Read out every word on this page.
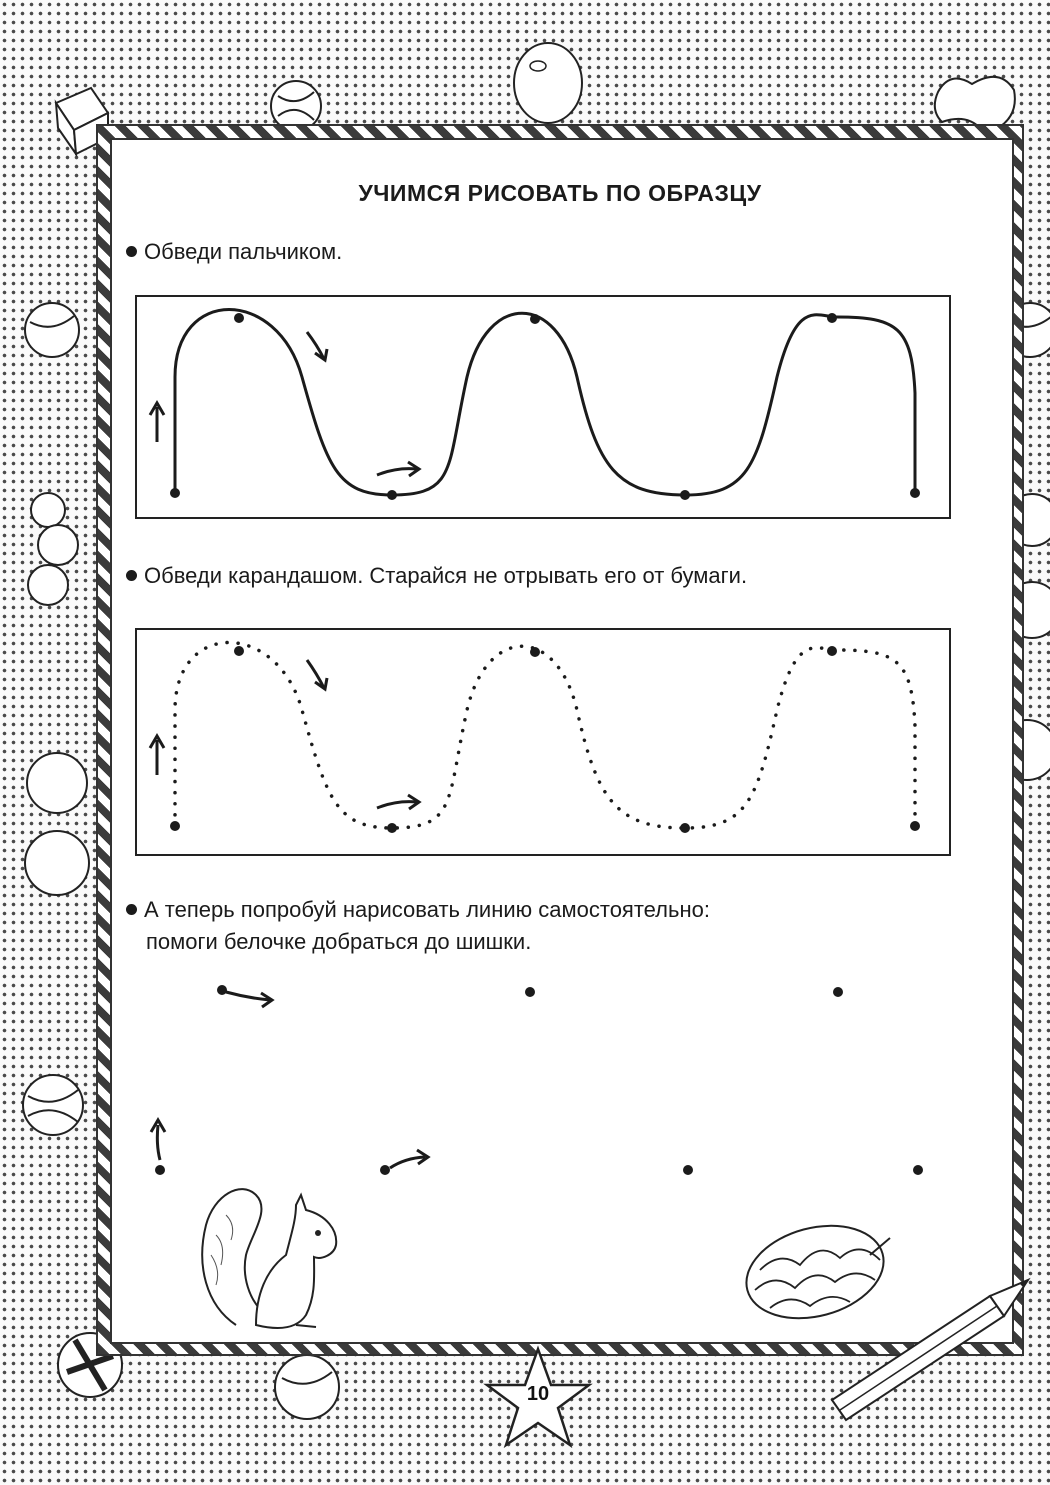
УЧИМСЯ РИСОВАТЬ ПО ОБРАЗЦУ
Обведи пальчиком.
Обведи карандашом. Старайся не отрывать его от бумаги.
А теперь попробуй нарисовать линию самостоятельно:
помоги белочке добраться до шишки.
10
